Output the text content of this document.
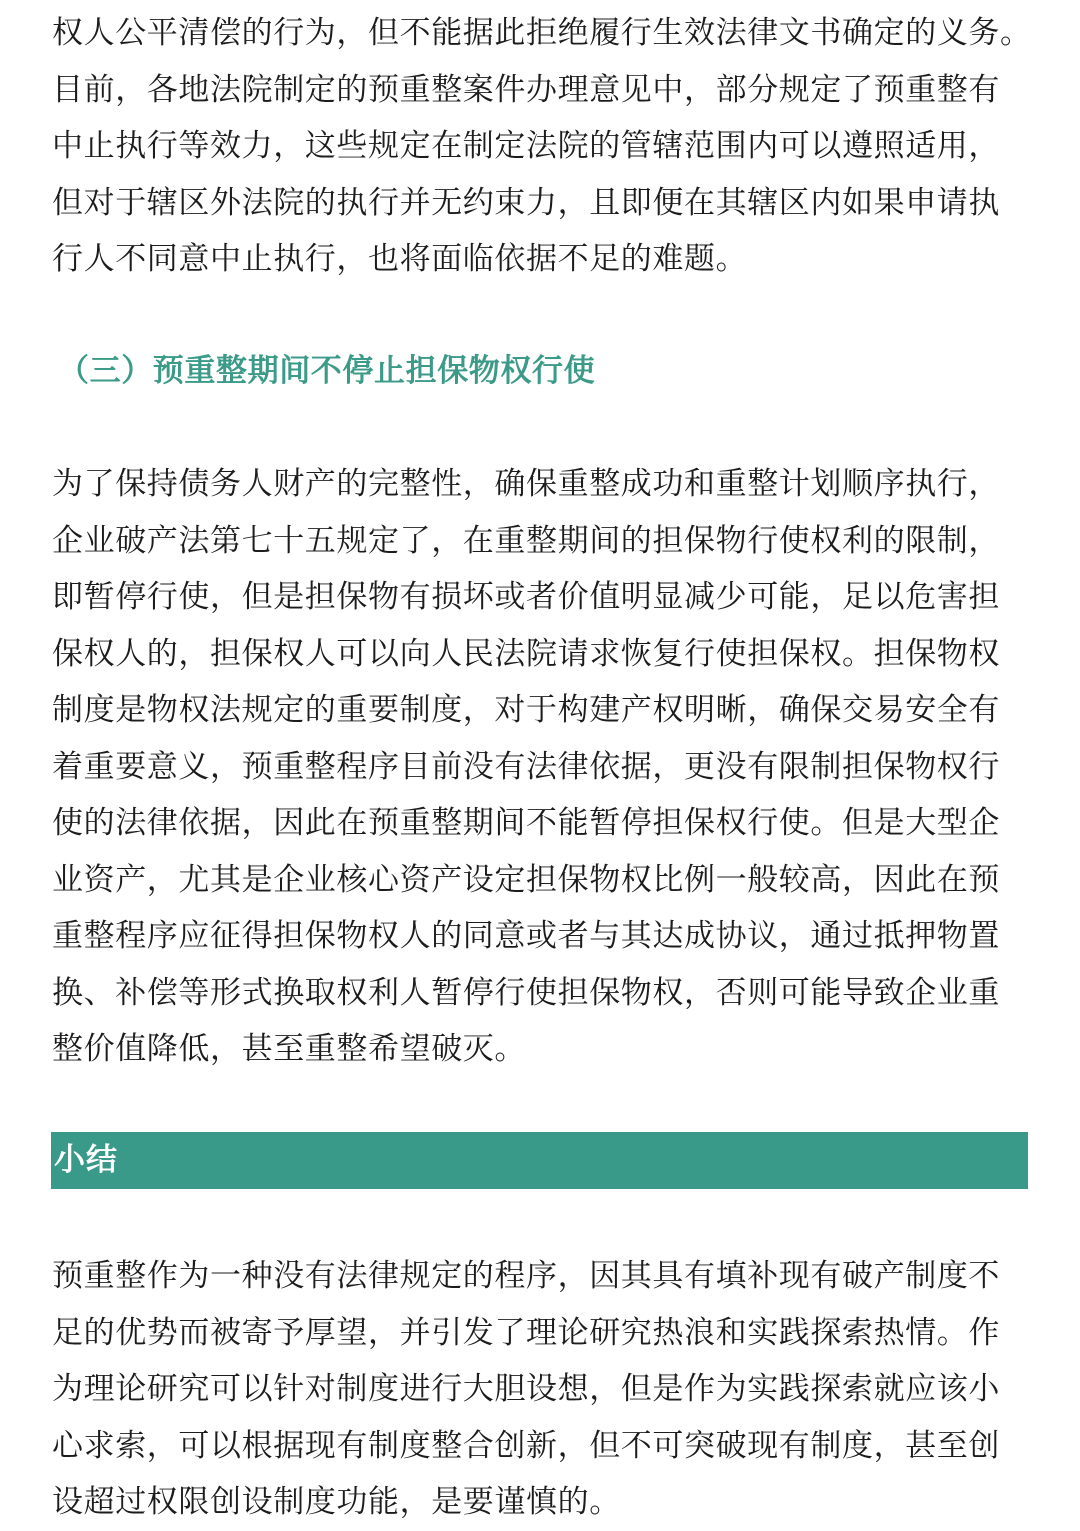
权人公平清偿的行为，但不能据此拒绝履行生效法律文书确定的义务。
目前，各地法院制定的预重整案件办理意见中，部分规定了预重整有
中止执行等效力，这些规定在制定法院的管辖范围内可以遵照适用，
但对于辖区外法院的执行并无约束力，且即便在其辖区内如果申请执
行人不同意中止执行，也将面临依据不足的难题。
（三）预重整期间不停止担保物权行使
为了保持债务人财产的完整性，确保重整成功和重整计划顺序执行，
企业破产法第七十五规定了，在重整期间的担保物行使权利的限制，
即暂停行使，但是担保物有损坏或者价值明显减少可能，足以危害担
保权人的，担保权人可以向人民法院请求恢复行使担保权。担保物权
制度是物权法规定的重要制度，对于构建产权明晰，确保交易安全有
着重要意义，预重整程序目前没有法律依据，更没有限制担保物权行
使的法律依据，因此在预重整期间不能暂停担保权行使。但是大型企
业资产，尤其是企业核心资产设定担保物权比例一般较高，因此在预
重整程序应征得担保物权人的同意或者与其达成协议，通过抵押物置
换、补偿等形式换取权利人暂停行使担保物权，否则可能导致企业重
整价值降低，甚至重整希望破灭。
小结
预重整作为一种没有法律规定的程序，因其具有填补现有破产制度不
足的优势而被寄予厚望，并引发了理论研究热浪和实践探索热情。作
为理论研究可以针对制度进行大胆设想，但是作为实践探索就应该小
心求索，可以根据现有制度整合创新，但不可突破现有制度，甚至创
设超过权限创设制度功能，是要谨慎的。
